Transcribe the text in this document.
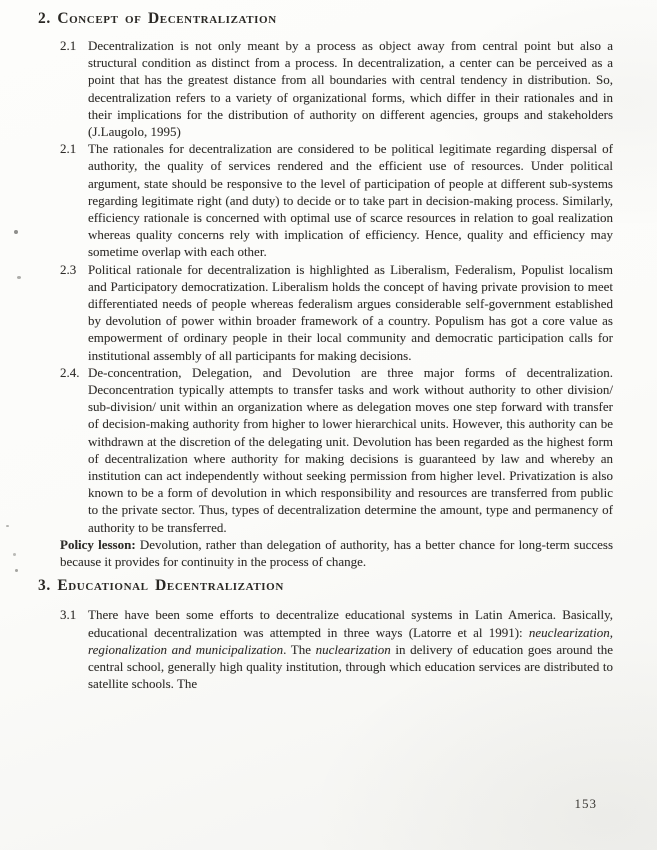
2. Concept of Decentralization
2.1 Decentralization is not only meant by a process as object away from central point but also a structural condition as distinct from a process. In decentralization, a center can be perceived as a point that has the greatest distance from all boundaries with central tendency in distribution. So, decentralization refers to a variety of organizational forms, which differ in their rationales and in their implications for the distribution of authority on different agencies, groups and stakeholders (J.Laugolo, 1995)
2.1 The rationales for decentralization are considered to be political legitimate regarding dispersal of authority, the quality of services rendered and the efficient use of resources. Under political argument, state should be responsive to the level of participation of people at different sub-systems regarding legitimate right (and duty) to decide or to take part in decision-making process. Similarly, efficiency rationale is concerned with optimal use of scarce resources in relation to goal realization whereas quality concerns rely with implication of efficiency. Hence, quality and efficiency may sometime overlap with each other.
2.3 Political rationale for decentralization is highlighted as Liberalism, Federalism, Populist localism and Participatory democratization. Liberalism holds the concept of having private provision to meet differentiated needs of people whereas federalism argues considerable self-government established by devolution of power within broader framework of a country. Populism has got a core value as empowerment of ordinary people in their local community and democratic participation calls for institutional assembly of all participants for making decisions.
2.4. De-concentration, Delegation, and Devolution are three major forms of decentralization. Deconcentration typically attempts to transfer tasks and work without authority to other division/ sub-division/ unit within an organization where as delegation moves one step forward with transfer of decision-making authority from higher to lower hierarchical units. However, this authority can be withdrawn at the discretion of the delegating unit. Devolution has been regarded as the highest form of decentralization where authority for making decisions is guaranteed by law and whereby an institution can act independently without seeking permission from higher level. Privatization is also known to be a form of devolution in which responsibility and resources are transferred from public to the private sector. Thus, types of decentralization determine the amount, type and permanency of authority to be transferred.

Policy lesson: Devolution, rather than delegation of authority, has a better chance for long-term success because it provides for continuity in the process of change.

3. Educational Decentralization
3.1 There have been some efforts to decentralize educational systems in Latin America. Basically, educational decentralization was attempted in three ways (Latorre et al 1991): neuclearization, regionalization and municipalization. The nuclearization in delivery of education goes around the central school, generally high quality institution, through which education services are distributed to satellite schools. The
153
